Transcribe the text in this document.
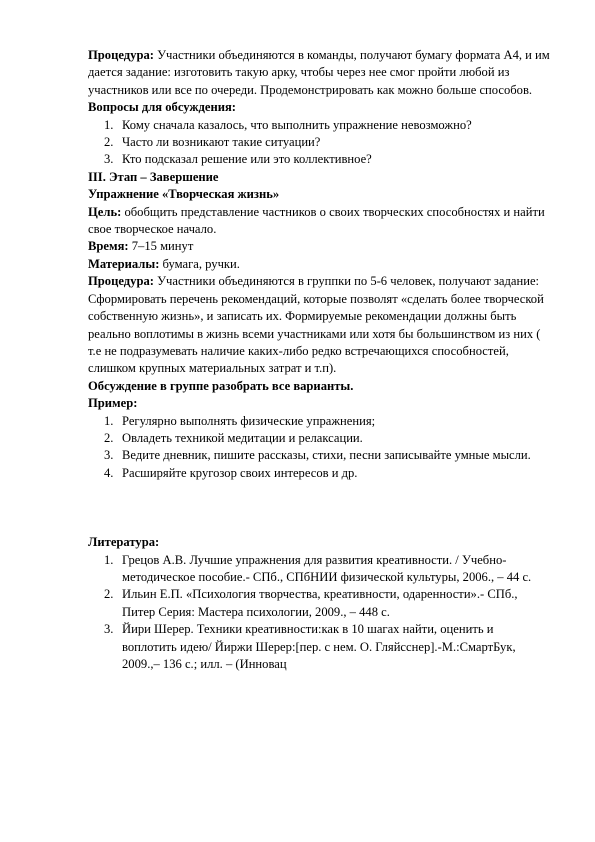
Процедура: Участники объединяются в команды, получают бумагу формата А4, и им дается задание: изготовить такую арку, чтобы через нее смог пройти любой из участников или все по очереди. Продемонстрировать как можно больше способов.

Вопросы для обсуждения:

1. Кому сначала казалось, что выполнить упражнение невозможно?
2. Часто ли возникают такие ситуации?
3. Кто подсказал решение или это коллективное?

III. Этап – Завершение

Упражнение «Творческая жизнь»

Цель: обобщить представление частников о своих творческих способностях и найти свое творческое начало.

Время: 7–15 минут

Материалы: бумага, ручки.

Процедура: Участники объединяются в группки по 5-6 человек, получают задание: Сформировать перечень рекомендаций, которые позволят «сделать более творческой собственную жизнь», и записать их. Формируемые рекомендации должны быть реально воплотимы в жизнь всеми участниками или хотя бы большинством из них ( т.е не подразумевать наличие каких-либо редко встречающихся способностей, слишком крупных материальных затрат и т.п).

Обсуждение в группе разобрать все варианты.

Пример:

1. Регулярно выполнять физические упражнения;
2. Овладеть техникой медитации и релаксации.
3. Ведите дневник, пишите рассказы, стихи, песни записывайте умные мысли.
4. Расширяйте кругозор своих интересов и др.

Литература:

1. Грецов А.В. Лучшие упражнения для развития креативности. / Учебно-методическое пособие.- СПб., СПбНИИ физической культуры, 2006., – 44 с.
2. Ильин Е.П. «Психология творчества, креативности, одаренности».- СПб., Питер Серия: Мастера психологии, 2009., – 448 с.
3. Йири Шерер. Техники креативности:как в 10 шагах найти, оценить и воплотить идею/ Йиржи Шерер:[пер. с нем. О. Гляйсснер].-М.:СмартБук, 2009.,– 136 с.; илл. – (Инновац
